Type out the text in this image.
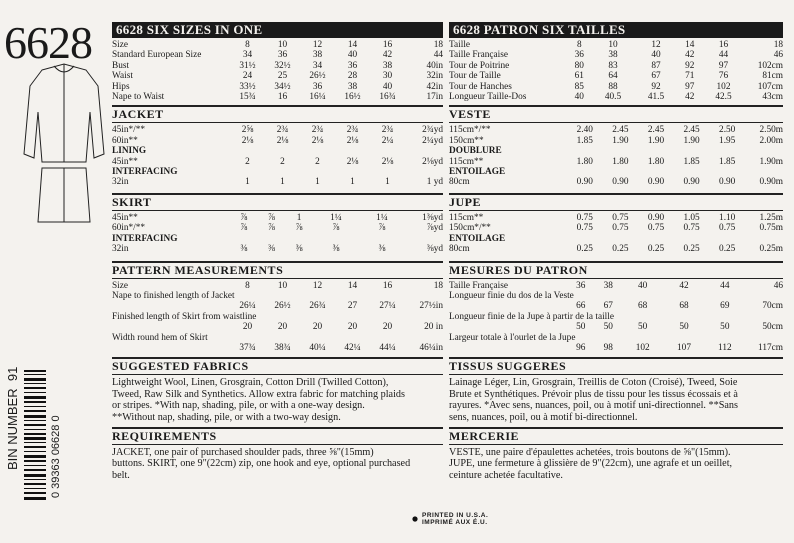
6628
BIN NUMBER  91
0 39363 06628 0
6628 SIX SIZES IN ONE
Size	8	10	12	14	16	18
Standard European Size	34	36	38	40	42	44
Bust	31½	32½	34	36	38	40in
Waist	24	25	26½	28	30	32in
Hips	33½	34½	36	38	40	42in
Nape to Waist	15¾	16	16¼	16½	16¾	17in
JACKET
45in*/**	2⅝	2¾	2¾	2¾	2¾	2¾yd
60in**	2⅛	2⅛	2⅛	2⅛	2¼	2¼yd
LINING						
45in**	2	2	2	2⅛	2⅛	2⅛yd
INTERFACING						
32in	1	1	1	1	1	1 yd
SKIRT
45in**	⅞	⅞	1	1¼	1¼	1⅜yd
60in*/**	⅞	⅞	⅞	⅞	⅞	⅞yd
INTERFACING						
32in	⅜	⅜	⅜	⅜	⅜	⅜yd
PATTERN MEASUREMENTS
Size	8	10	12	14	16	18
Nape to finished length of Jacket						
	26¼	26½	26¾	27	27¼	27½in
Finished length of Skirt from waistline						
	20	20	20	20	20	20 in
Width round hem of Skirt						
	37¾	38¾	40¼	42¼	44¼	46¼in
SUGGESTED FABRICS
Lightweight Wool, Linen, Grosgrain, Cotton Drill (Twilled Cotton),
Tweed, Raw Silk and Synthetics. Allow extra fabric for matching plaids
or stripes. *With nap, shading, pile, or with a one-way design.
**Without nap, shading, pile, or with a two-way design.
REQUIREMENTS
JACKET, one pair of purchased shoulder pads, three ⅝"(15mm)
buttons. SKIRT, one 9"(22cm) zip, one hook and eye, optional purchased
belt.
6628 PATRON SIX TAILLES
Taille	8	10	12	14	16	18
Taille Française	36	38	40	42	44	46
Tour de Poitrine	80	83	87	92	97	102cm
Tour de Taille	61	64	67	71	76	81cm
Tour de Hanches	85	88	92	97	102	107cm
Longueur Taille-Dos	40	40.5	41.5	42	42.5	43cm
VESTE
115cm*/**	2.40	2.45	2.45	2.45	2.50	2.50m
150cm**	1.85	1.90	1.90	1.90	1.95	2.00m
DOUBLURE						
115cm**	1.80	1.80	1.80	1.85	1.85	1.90m
ENTOILAGE						
80cm	0.90	0.90	0.90	0.90	0.90	0.90m
JUPE
115cm**	0.75	0.75	0.90	1.05	1.10	1.25m
150cm*/**	0.75	0.75	0.75	0.75	0.75	0.75m
ENTOILAGE						
80cm	0.25	0.25	0.25	0.25	0.25	0.25m
MESURES DU PATRON
Taille Française	36	38	40	42	44	46
Longueur finie du dos de la Veste						
	66	67	68	68	69	70cm
Longueur finie de la Jupe à partir de la taille						
	50	50	50	50	50	50cm
Largeur totale à l'ourlet de la Jupe						
	96	98	102	107	112	117cm
TISSUS SUGGERES
Lainage Léger, Lin, Grosgrain, Treillis de Coton (Croisé), Tweed, Soie
Brute et Synthétiques. Prévoir plus de tissu pour les tissus écossais et à
rayures. *Avec sens, nuances, poil, ou à motif uni-directionnel. **Sans
sens, nuances, poil, ou à motif bi-directionnel.
MERCERIE
VESTE, une paire d'épaulettes achetées, trois boutons de ⅝"(15mm).
JUPE, une fermeture à glissière de 9"(22cm), une agrafe et un oeillet,
ceinture achetée facultative.
PRINTED IN U.S.A.
IMPRIMÉ AUX É.U.
